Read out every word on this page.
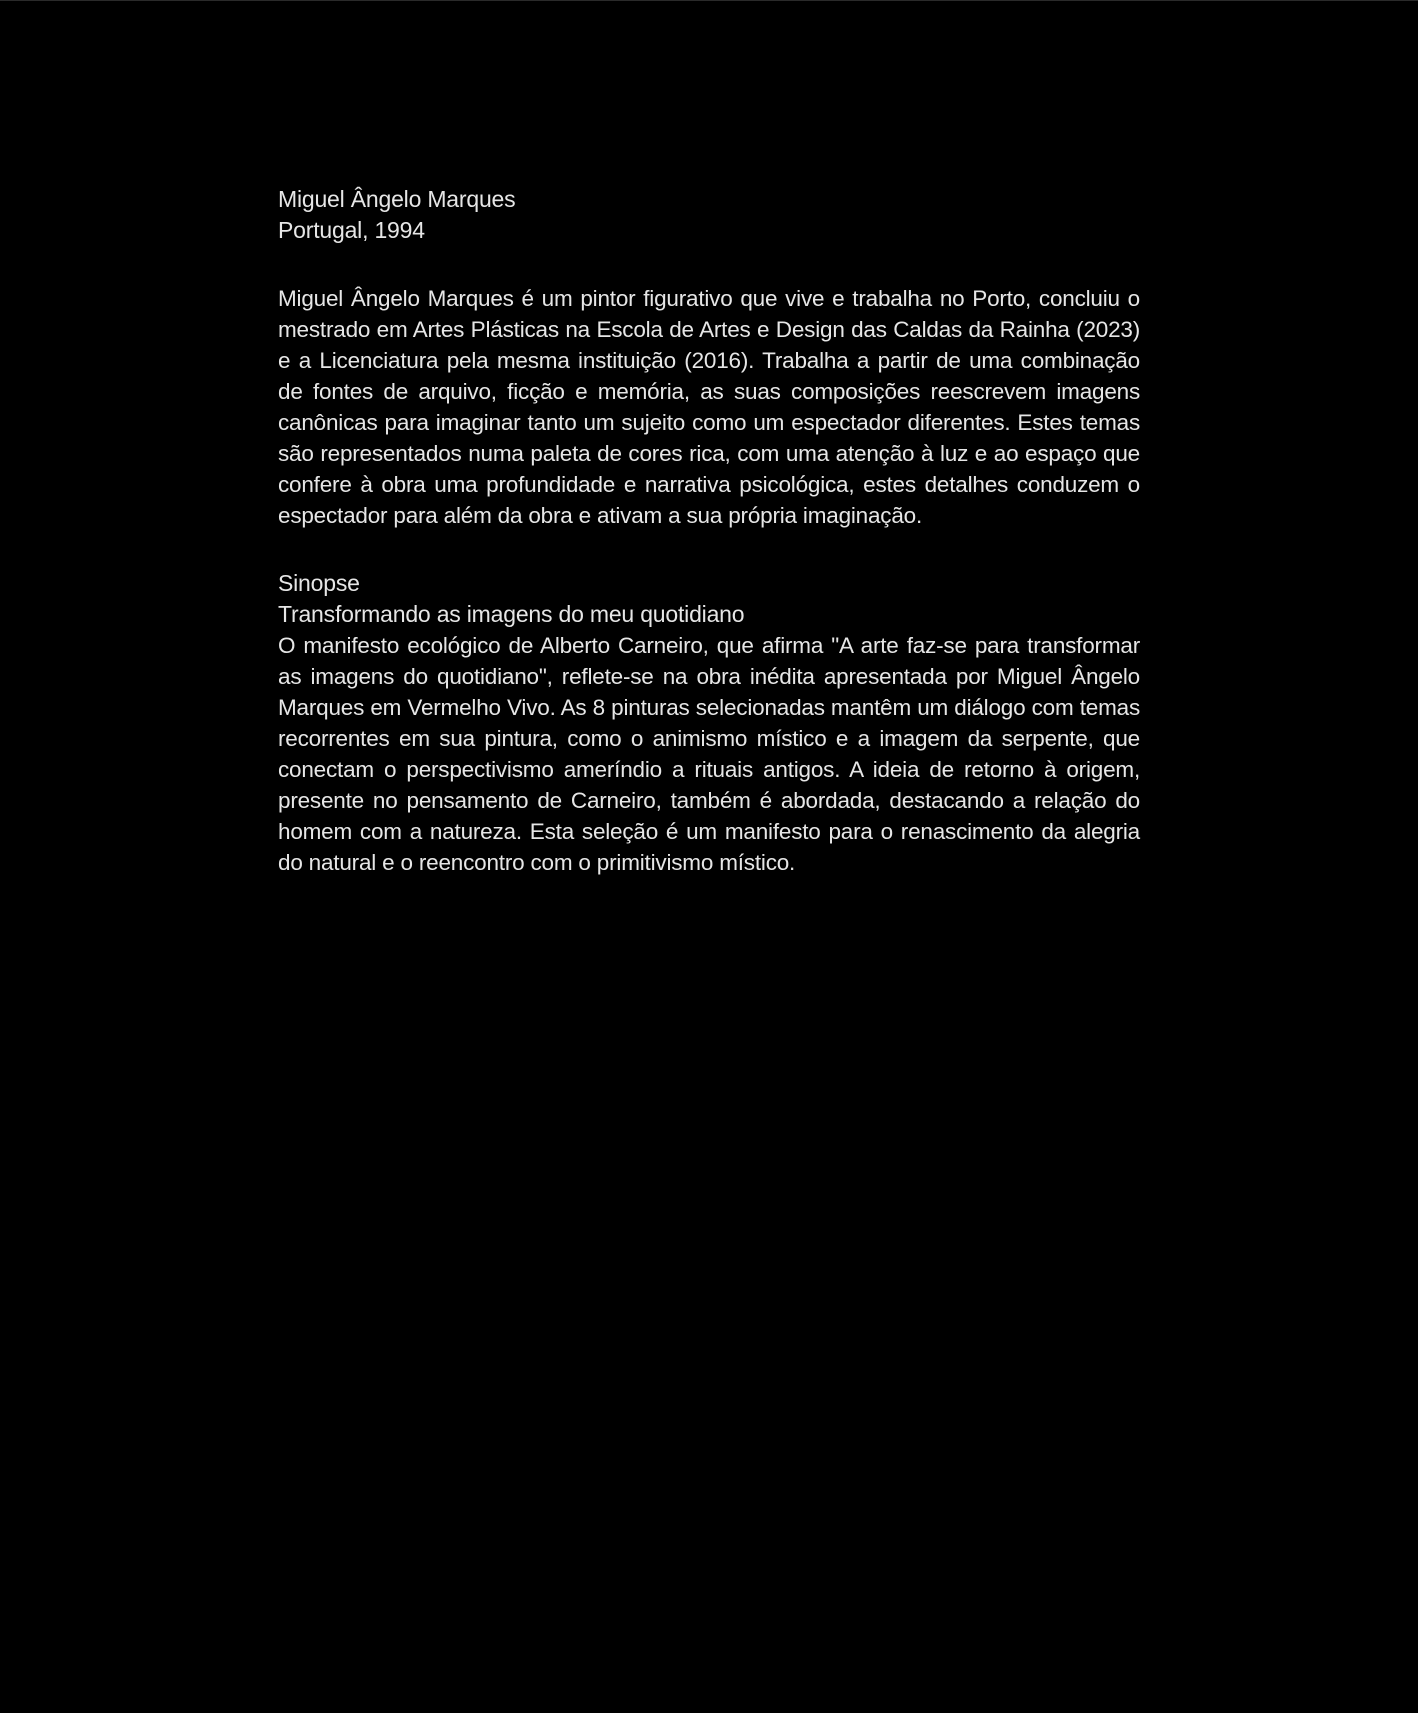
Miguel Ângelo Marques
Portugal, 1994

Miguel Ângelo Marques é um pintor figurativo que vive e trabalha no Porto, concluiu o mestrado em Artes Plásticas na Escola de Artes e Design das Caldas da Rainha (2023) e a Licenciatura pela mesma instituição (2016). Trabalha a partir de uma combinação de fontes de arquivo, ficção e memória, as suas composições reescrevem imagens canônicas para imaginar tanto um sujeito como um espectador diferentes. Estes temas são representados numa paleta de cores rica, com uma atenção à luz e ao espaço que confere à obra uma profundidade e narrativa psicológica, estes detalhes conduzem o espectador para além da obra e ativam a sua própria imaginação.

Sinopse
Transformando as imagens do meu quotidiano

O manifesto ecológico de Alberto Carneiro, que afirma "A arte faz-se para transformar as imagens do quotidiano", reflete-se na obra inédita apresentada por Miguel Ângelo Marques em Vermelho Vivo. As 8 pinturas selecionadas mantêm um diálogo com temas recorrentes em sua pintura, como o animismo místico e a imagem da serpente, que conectam o perspectivismo ameríndio a rituais antigos. A ideia de retorno à origem, presente no pensamento de Carneiro, também é abordada, destacando a relação do homem com a natureza. Esta seleção é um manifesto para o renascimento da alegria do natural e o reencontro com o primitivismo místico.
